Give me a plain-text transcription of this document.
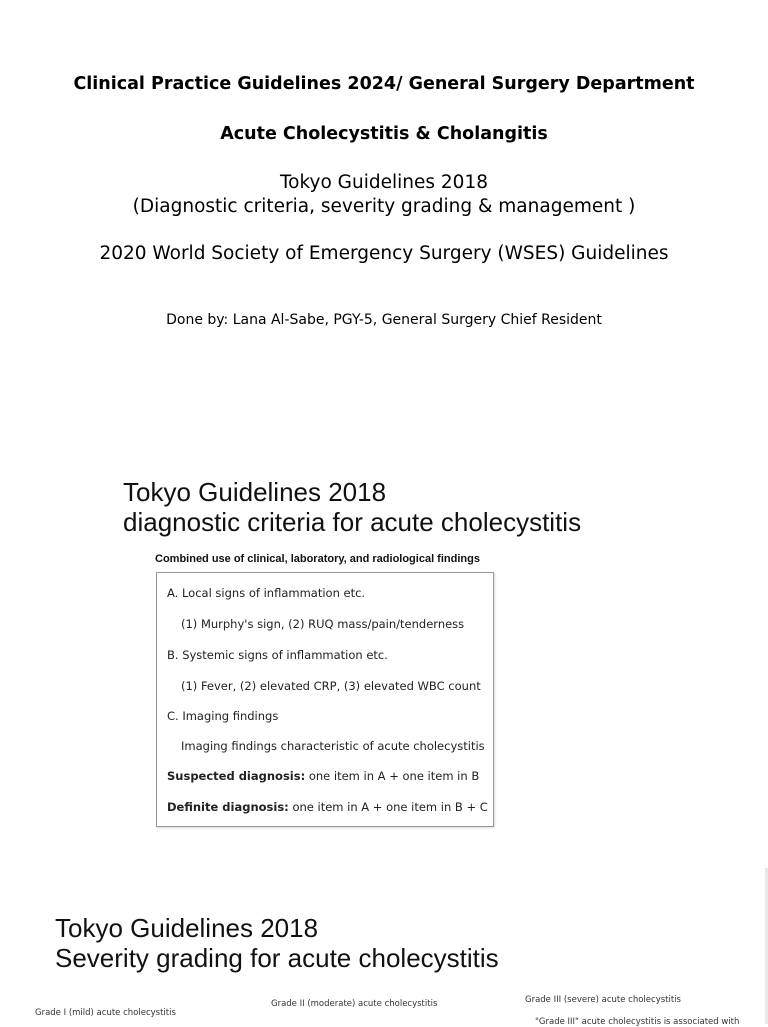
Clinical Practice Guidelines 2024/ General Surgery Department
Acute Cholecystitis & Cholangitis
Tokyo Guidelines 2018
(Diagnostic criteria, severity grading & management )
2020 World Society of Emergency Surgery (WSES) Guidelines
Done by: Lana Al-Sabe, PGY-5, General Surgery Chief Resident
Tokyo Guidelines 2018
diagnostic criteria for acute cholecystitis
Combined use of clinical, laboratory, and radiological findings
A. Local signs of inflammation etc.
(1) Murphy's sign, (2) RUQ mass/pain/tenderness
B. Systemic signs of inflammation etc.
(1) Fever, (2) elevated CRP, (3) elevated WBC count
C. Imaging findings
Imaging findings characteristic of acute cholecystitis
Suspected diagnosis: one item in A + one item in B
Definite diagnosis: one item in A + one item in B + C
Tokyo Guidelines 2018
Severity grading for acute cholecystitis
Grade I (mild) acute cholecystitis
Grade II (moderate) acute cholecystitis	Grade III (severe) acute cholecystitis
"Grade III" acute cholecystitis is associated with
